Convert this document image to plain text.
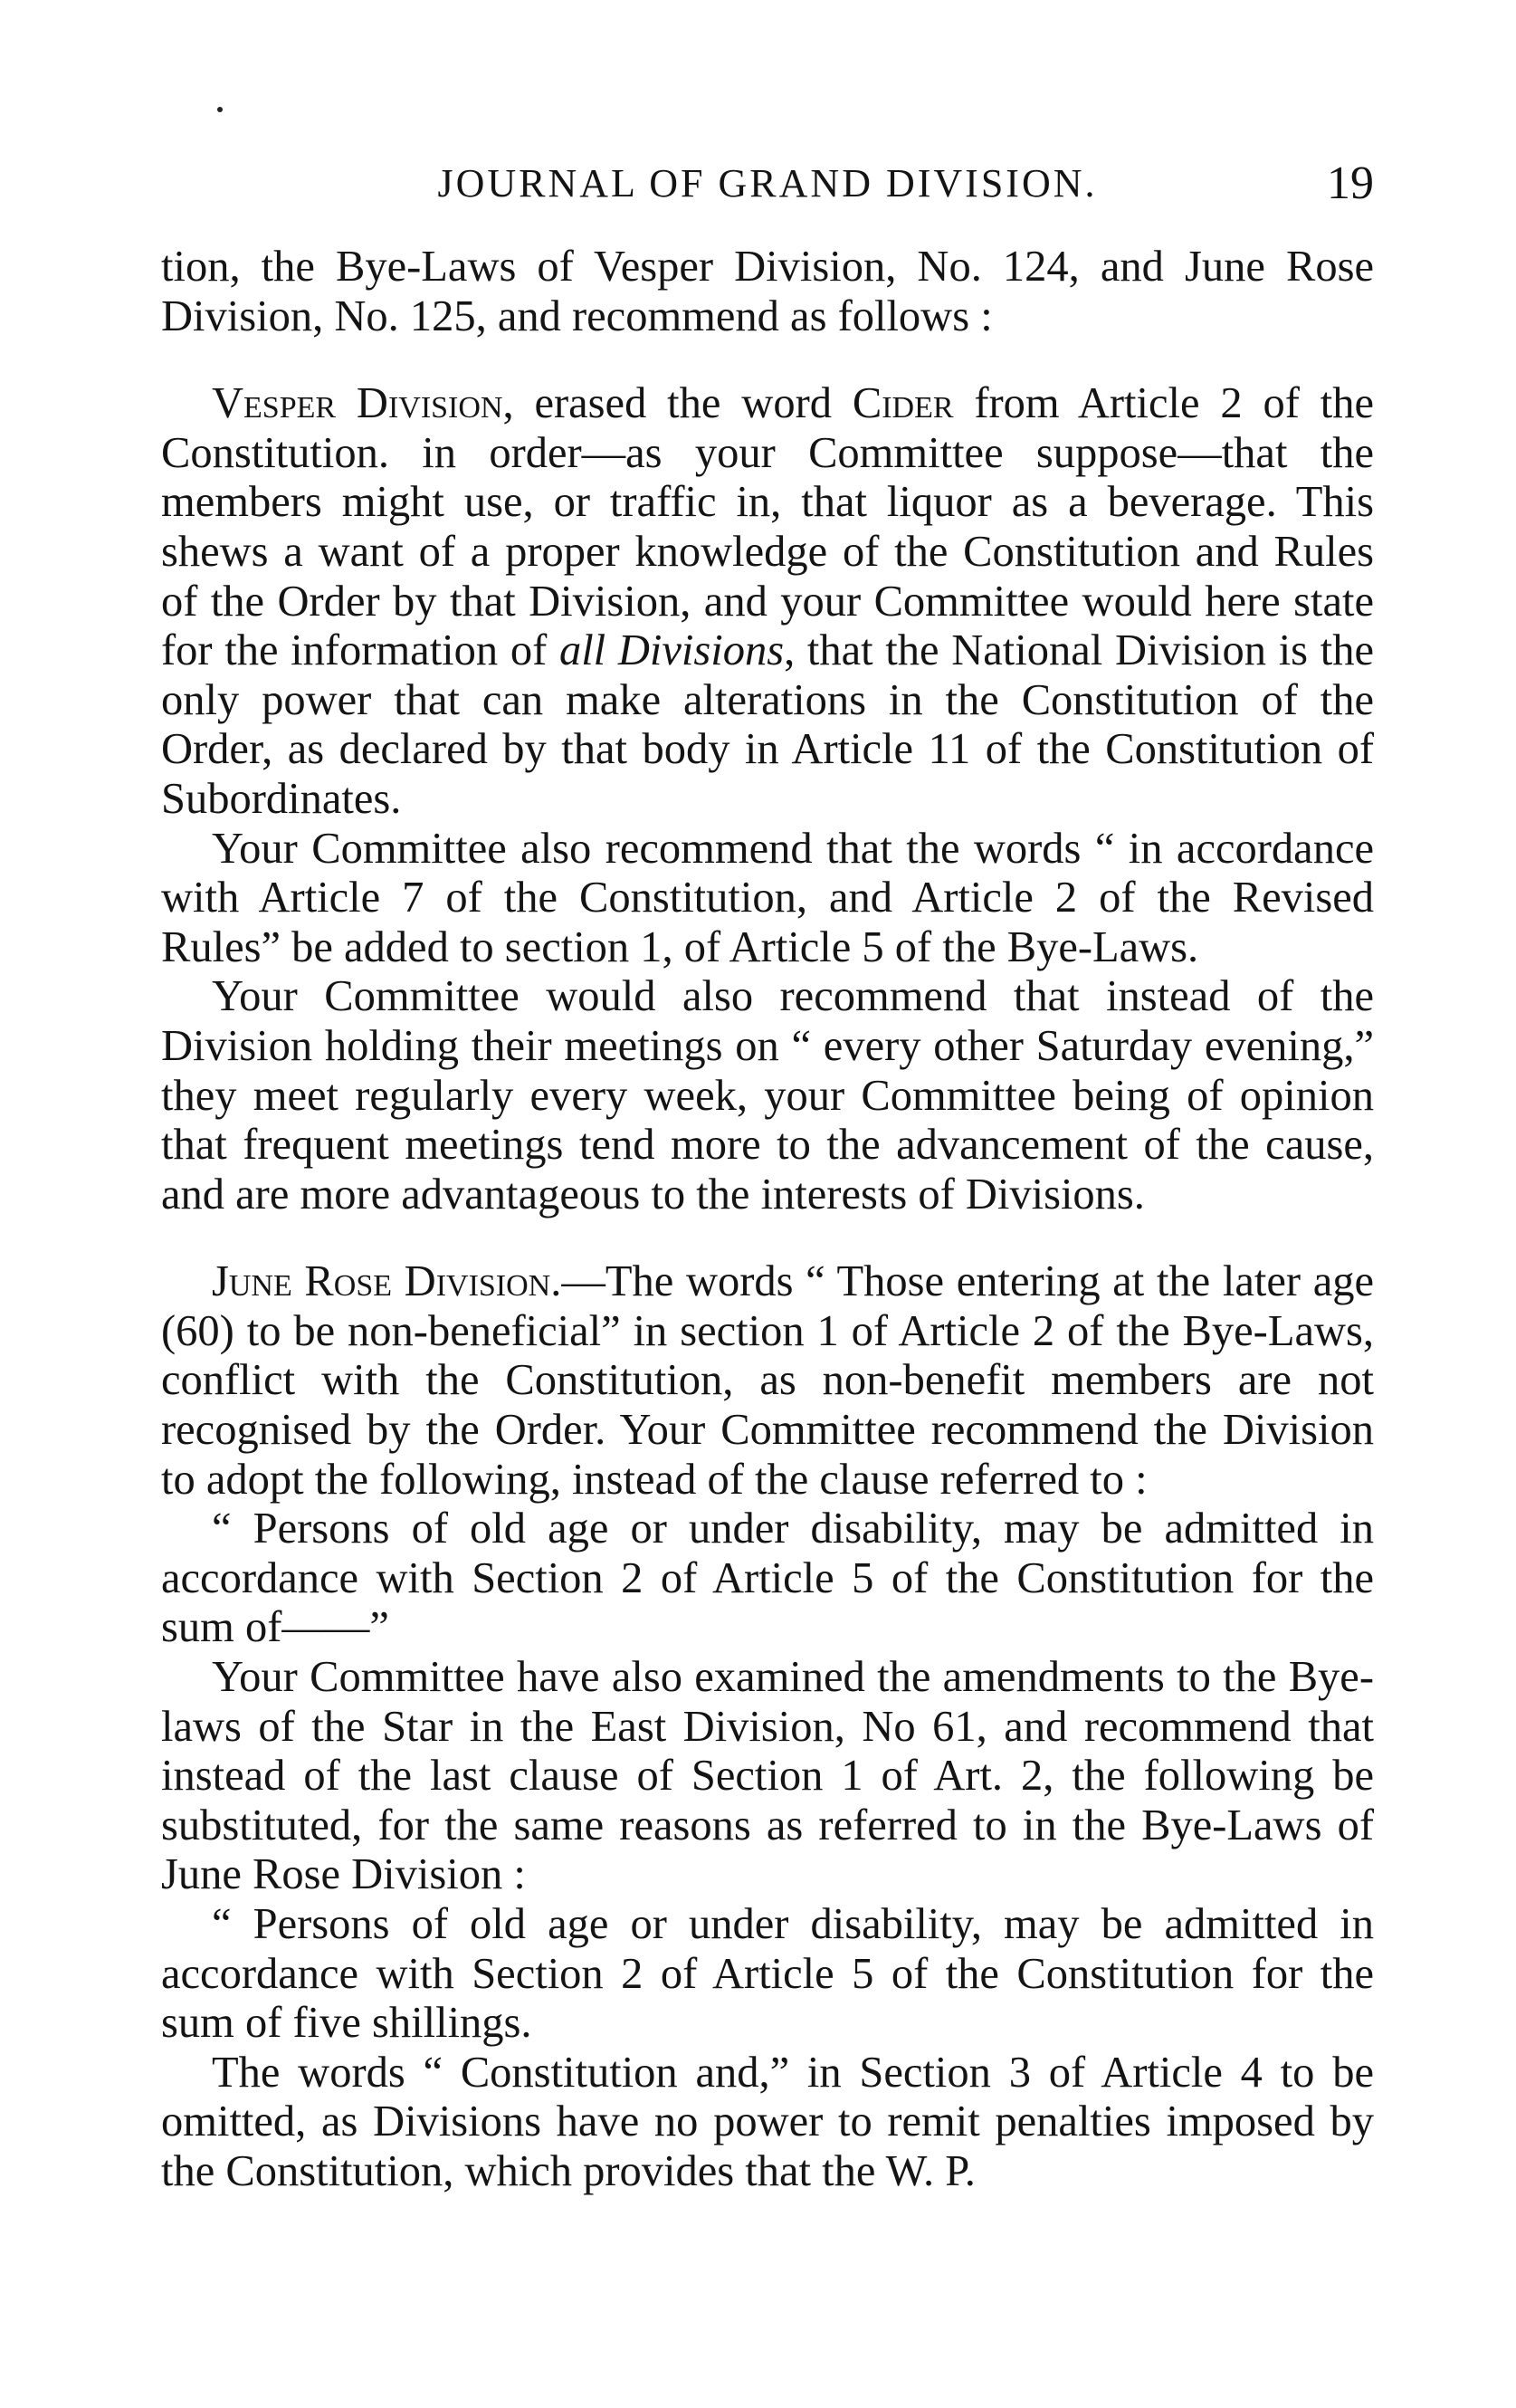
JOURNAL OF GRAND DIVISION.	19

tion, the Bye-Laws of Vesper Division, No. 124, and June Rose Division, No. 125, and recommend as follows :

Vesper Division, erased the word Cider from Article 2 of the Constitution. in order—as your Committee suppose—that the members might use, or traffic in, that liquor as a beverage. This shews a want of a proper knowledge of the Constitution and Rules of the Order by that Division, and your Committee would here state for the information of all Divisions, that the National Division is the only power that can make alterations in the Constitution of the Order, as declared by that body in Article 11 of the Constitution of Subordinates.

Your Committee also recommend that the words “ in accordance with Article 7 of the Constitution, and Article 2 of the Revised Rules” be added to section 1, of Article 5 of the Bye-Laws.

Your Committee would also recommend that instead of the Division holding their meetings on “ every other Saturday evening,” they meet regularly every week, your Committee being of opinion that frequent meetings tend more to the advancement of the cause, and are more advantageous to the interests of Divisions.

June Rose Division.—The words “ Those entering at the later age (60) to be non-beneficial” in section 1 of Article 2 of the Bye-Laws, conflict with the Constitution, as non-benefit members are not recognised by the Order. Your Committee recommend the Division to adopt the following, instead of the clause referred to :

“ Persons of old age or under disability, may be admitted in accordance with Section 2 of Article 5 of the Constitution for the sum of——”

Your Committee have also examined the amendments to the Bye-laws of the Star in the East Division, No 61, and recommend that instead of the last clause of Section 1 of Art. 2, the following be substituted, for the same reasons as referred to in the Bye-Laws of June Rose Division :

“ Persons of old age or under disability, may be admitted in accordance with Section 2 of Article 5 of the Constitution for the sum of five shillings.

The words “ Constitution and,” in Section 3 of Article 4 to be omitted, as Divisions have no power to remit penalties imposed by the Constitution, which provides that the W. P.
